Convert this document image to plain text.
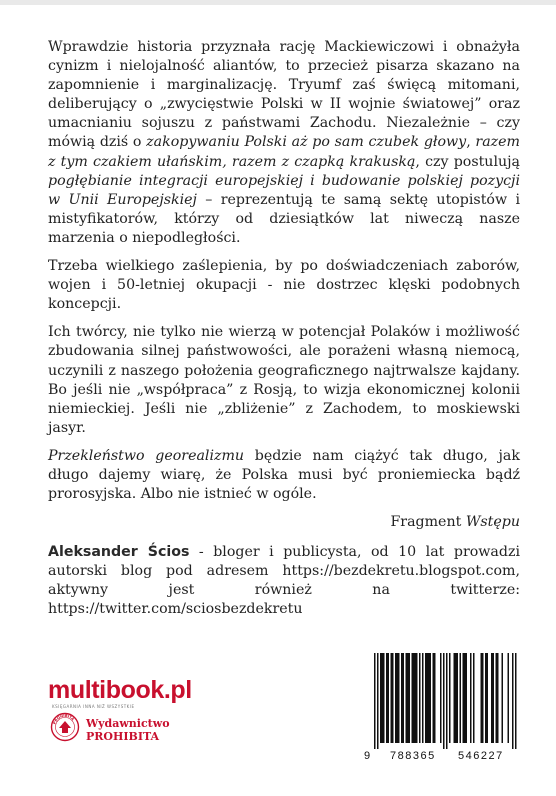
Wprawdzie historia przyznała rację Mackiewiczowi i obnażyła cynizm i nielojalność aliantów, to przecież pisarza skazano na zapomnienie i marginalizację. Tryumf zaś święcą mitomani, deliberujący o „zwycięstwie Polski w II wojnie światowej” oraz umacnianiu sojuszu z państwami Zachodu. Niezależnie – czy mówią dziś o zakopywaniu Polski aż po sam czubek głowy, razem z tym czakiem ułańskim, razem z czapką krakuską, czy postulują pogłębianie integracji europejskiej i budowanie polskiej pozycji w Unii Europejskiej – reprezentują te samą sektę utopistów i mistyfikatorów, którzy od dziesiątków lat niweczą nasze marzenia o niepodległości.

Trzeba wielkiego zaślepienia, by po doświadczeniach zaborów, wojen i 50-letniej okupacji - nie dostrzec klęski podobnych koncepcji.

Ich twórcy, nie tylko nie wierzą w potencjał Polaków i możliwość zbudowania silnej państwowości, ale porażeni własną niemocą, uczynili z naszego położenia geograficznego najtrwalsze kajdany. Bo jeśli nie „współpraca” z Rosją, to wizja ekonomicznej kolonii niemieckiej. Jeśli nie „zbliżenie” z Zachodem, to moskiewski jasyr.

Przekleństwo georealizmu będzie nam ciążyć tak długo, jak długo dajemy wiarę, że Polska musi być proniemiecka bądź prorosyjska. Albo nie istnieć w ogóle.

Fragment Wstępu

Aleksander Ścios - bloger i publicysta, od 10 lat prowadzi autorski blog pod adresem https://bezdekretu.blogspot.com, aktywny jest również na twitterze: https://twitter.com/sciosbezdekretu
multibook.pl
KSIĘGARNIA INNA NIŻ WSZYSTKIE
PROHIBITA Wydawnictwo
PROHIBITA
9 788365 546227
